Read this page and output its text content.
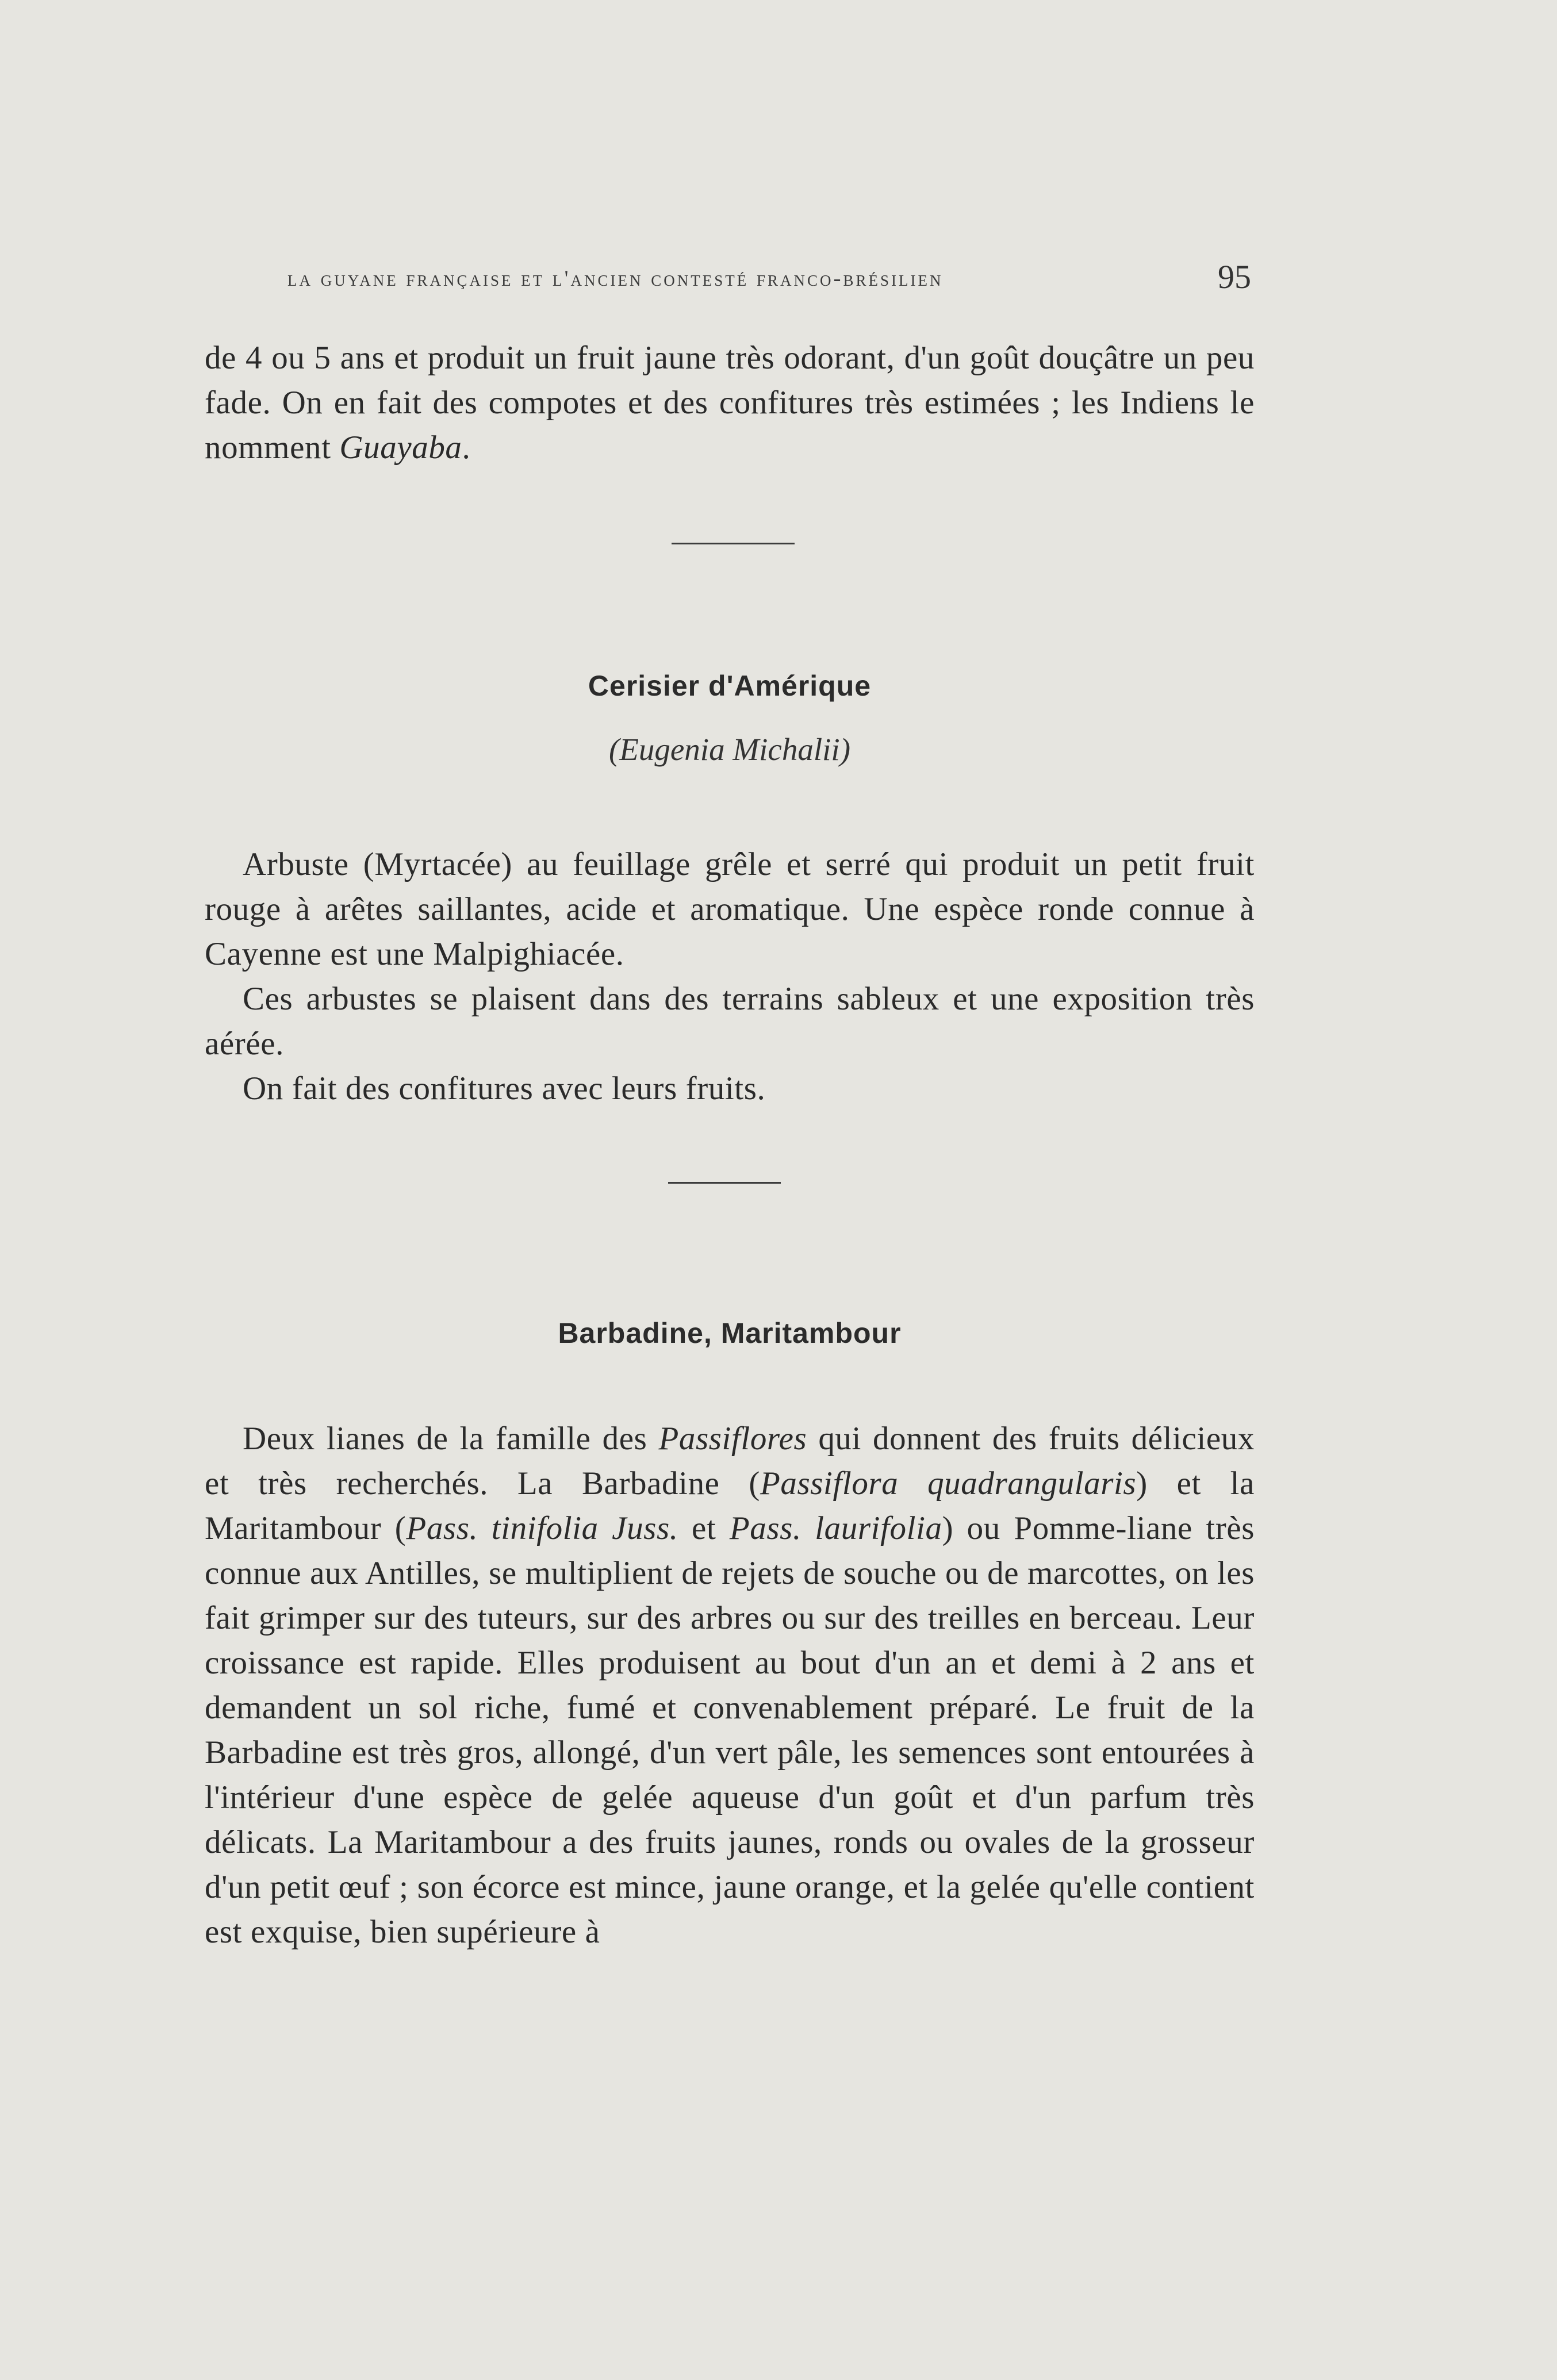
la guyane française et l'ancien contesté franco-brésilien	95

de 4 ou 5 ans et produit un fruit jaune très odorant, d'un goût douçâtre un peu fade. On en fait des compotes et des confitures très estimées ; les Indiens le nomment Guayaba.

Cerisier d'Amérique
(Eugenia Michalii)

Arbuste (Myrtacée) au feuillage grêle et serré qui produit un petit fruit rouge à arêtes saillantes, acide et aromatique. Une espèce ronde connue à Cayenne est une Malpighiacée.

Ces arbustes se plaisent dans des terrains sableux et une exposition très aérée.

On fait des confitures avec leurs fruits.

Barbadine, Maritambour

Deux lianes de la famille des Passiflores qui donnent des fruits délicieux et très recherchés. La Barbadine (Passiflora quadrangularis) et la Maritambour (Pass. tinifolia Juss. et Pass. laurifolia) ou Pomme-liane très connue aux Antilles, se multiplient de rejets de souche ou de marcottes, on les fait grimper sur des tuteurs, sur des arbres ou sur des treilles en berceau. Leur croissance est rapide. Elles produisent au bout d'un an et demi à 2 ans et demandent un sol riche, fumé et convenablement préparé. Le fruit de la Barbadine est très gros, allongé, d'un vert pâle, les semences sont entourées à l'intérieur d'une espèce de gelée aqueuse d'un goût et d'un parfum très délicats. La Maritambour a des fruits jaunes, ronds ou ovales de la grosseur d'un petit œuf ; son écorce est mince, jaune orange, et la gelée qu'elle contient est exquise, bien supérieure à
